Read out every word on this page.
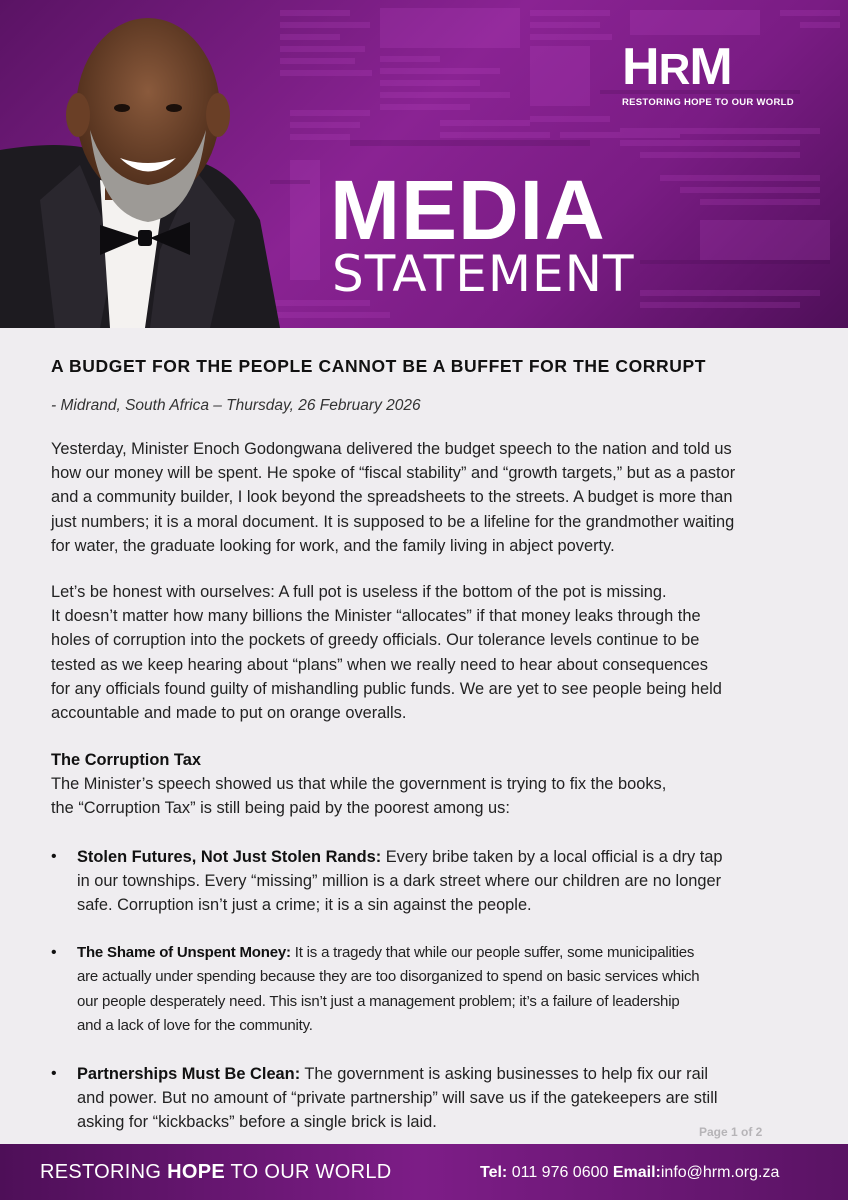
HRM
RESTORING HOPE TO OUR WORLD
MEDIA
STATEMENT
A BUDGET FOR THE PEOPLE CANNOT BE A BUFFET FOR THE CORRUPT
- Midrand, South Africa – Thursday, 26 February 2026
Yesterday, Minister Enoch Godongwana delivered the budget speech to the nation and told us
how our money will be spent. He spoke of “fiscal stability” and “growth targets,” but as a pastor
and a community builder, I look beyond the spreadsheets to the streets. A budget is more than
just numbers; it is a moral document. It is supposed to be a lifeline for the grandmother waiting
for water, the graduate looking for work, and the family living in abject poverty.
Let’s be honest with ourselves: A full pot is useless if the bottom of the pot is missing.
It doesn’t matter how many billions the Minister “allocates” if that money leaks through the
holes of corruption into the pockets of greedy officials. Our tolerance levels continue to be
tested as we keep hearing about “plans” when we really need to hear about consequences
for any officials found guilty of mishandling public funds. We are yet to see people being held
accountable and made to put on orange overalls.
The Corruption Tax
The Minister’s speech showed us that while the government is trying to fix the books,
the “Corruption Tax” is still being paid by the poorest among us:
• Stolen Futures, Not Just Stolen Rands: Every bribe taken by a local official is a dry tap
in our townships. Every “missing” million is a dark street where our children are no longer
safe. Corruption isn’t just a crime; it is a sin against the people.
• The Shame of Unspent Money: It is a tragedy that while our people suffer, some municipalities
are actually under spending because they are too disorganized to spend on basic services which
our people desperately need. This isn’t just a management problem; it’s a failure of leadership
and a lack of love for the community.
• Partnerships Must Be Clean: The government is asking businesses to help fix our rail
and power. But no amount of “private partnership” will save us if the gatekeepers are still
asking for “kickbacks” before a single brick is laid.
Page 1 of 2
RESTORING HOPE TO OUR WORLD	Tel: 011 976 0600 Email:info@hrm.org.za
